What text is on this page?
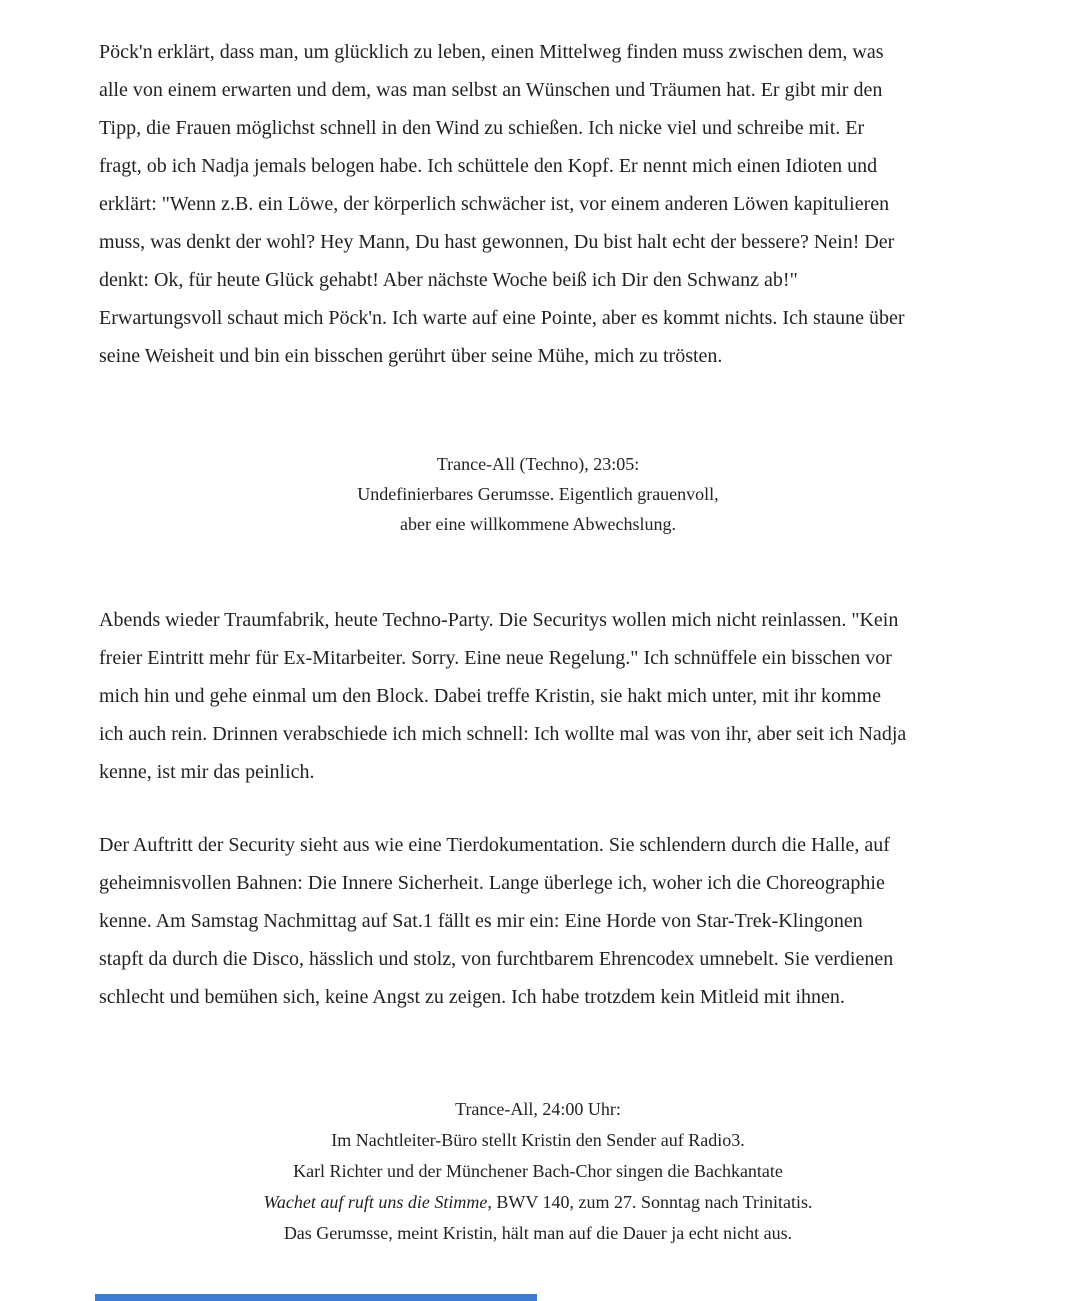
Pöck'n erklärt, dass man, um glücklich zu leben, einen Mittelweg finden muss zwischen dem, was
alle von einem erwarten und dem, was man selbst an Wünschen und Träumen hat. Er gibt mir den
Tipp, die Frauen möglichst schnell in den Wind zu schießen. Ich nicke viel und schreibe mit. Er
fragt, ob ich Nadja jemals belogen habe. Ich schüttele den Kopf. Er nennt mich einen Idioten und
erklärt: "Wenn z.B. ein Löwe, der körperlich schwächer ist, vor einem anderen Löwen kapitulieren
muss, was denkt der wohl? Hey Mann, Du hast gewonnen, Du bist halt echt der bessere? Nein! Der
denkt: Ok, für heute Glück gehabt! Aber nächste Woche beiß ich Dir den Schwanz ab!"
Erwartungsvoll schaut mich Pöck'n. Ich warte auf eine Pointe, aber es kommt nichts. Ich staune über
seine Weisheit und bin ein bisschen gerührt über seine Mühe, mich zu trösten.
Trance-All (Techno), 23:05:
Undefinierbares Gerumsse. Eigentlich grauenvoll,
aber eine willkommene Abwechslung.
Abends wieder Traumfabrik, heute Techno-Party. Die Securitys wollen mich nicht reinlassen. "Kein
freier Eintritt mehr für Ex-Mitarbeiter. Sorry. Eine neue Regelung." Ich schnüffele ein bisschen vor
mich hin und gehe einmal um den Block. Dabei treffe Kristin, sie hakt mich unter, mit ihr komme
ich auch rein. Drinnen verabschiede ich mich schnell: Ich wollte mal was von ihr, aber seit ich Nadja
kenne, ist mir das peinlich.
Der Auftritt der Security sieht aus wie eine Tierdokumentation. Sie schlendern durch die Halle, auf
geheimnisvollen Bahnen: Die Innere Sicherheit. Lange überlege ich, woher ich die Choreographie
kenne. Am Samstag Nachmittag auf Sat.1 fällt es mir ein: Eine Horde von Star-Trek-Klingonen
stapft da durch die Disco, hässlich und stolz, von furchtbarem Ehrencodex umnebelt. Sie verdienen
schlecht und bemühen sich, keine Angst zu zeigen. Ich habe trotzdem kein Mitleid mit ihnen.
Trance-All, 24:00 Uhr:
Im Nachtleiter-Büro stellt Kristin den Sender auf Radio3.
Karl Richter und der Münchener Bach-Chor singen die Bachkantate
Wachet auf ruft uns die Stimme, BWV 140, zum 27. Sonntag nach Trinitatis.
Das Gerumsse, meint Kristin, hält man auf die Dauer ja echt nicht aus.
